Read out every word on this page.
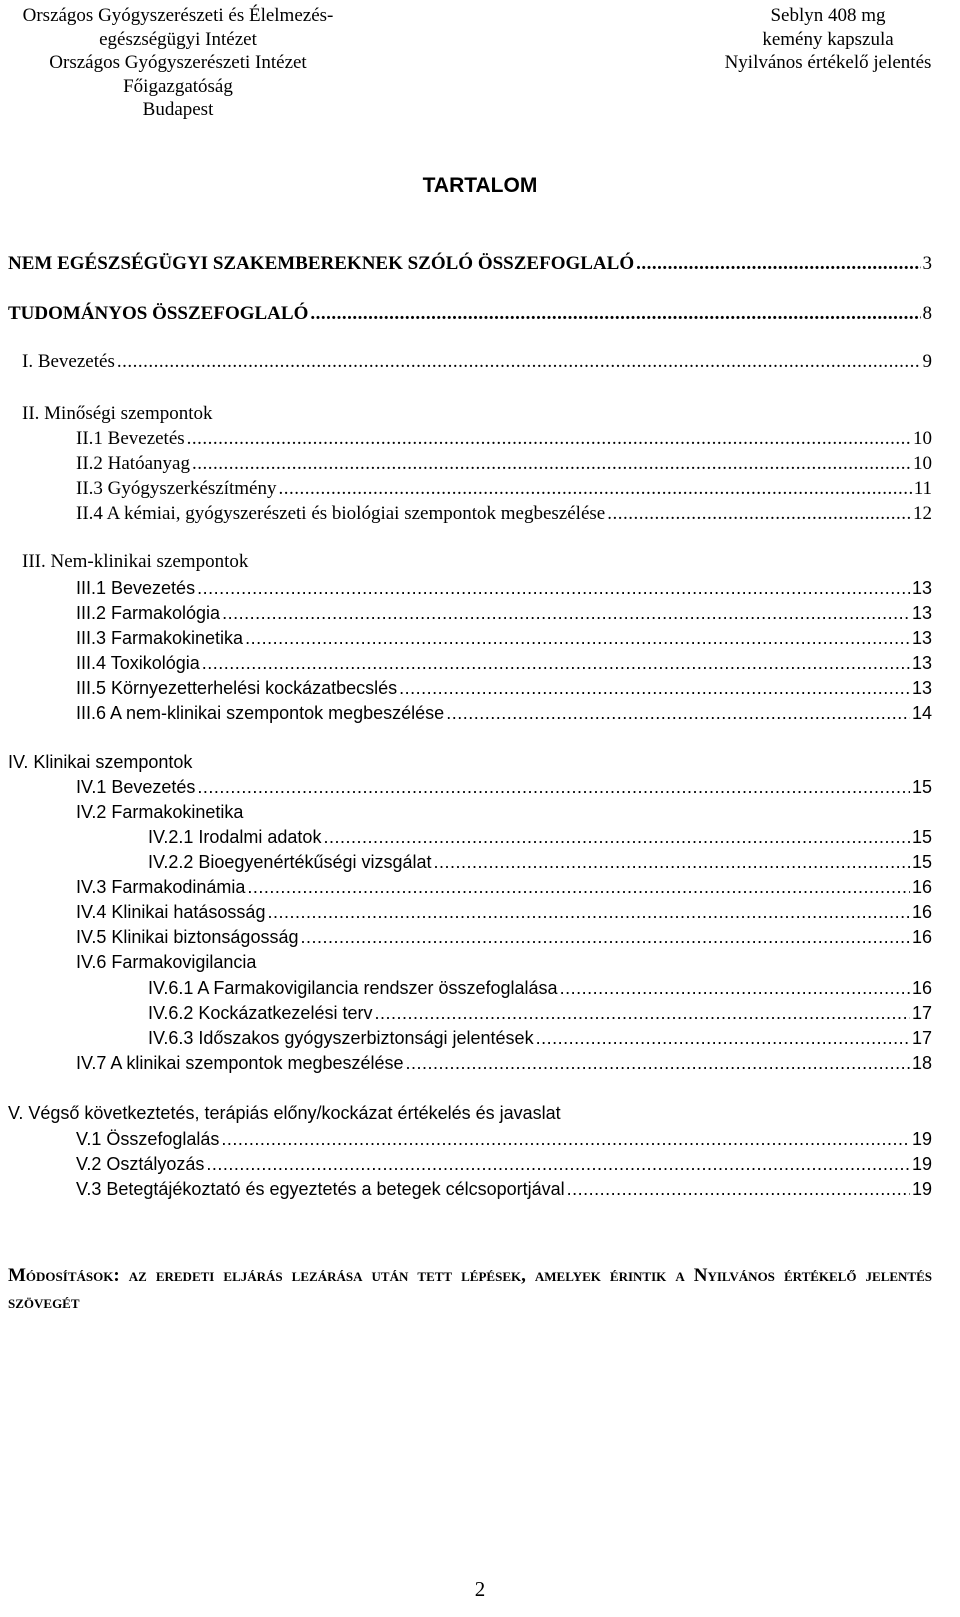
Országos Gyógyszerészeti és Élelmezés-
egészségügyi Intézet
Országos Gyógyszerészeti Intézet
Főigazgatóság
Budapest
Seblyn 408 mg
kemény kapszula
Nyilvános értékelő jelentés
TARTALOM
NEM EGÉSZSÉGÜGYI SZAKEMBEREKNEK SZÓLÓ ÖSSZEFOGLALÓ .....	3
TUDOMÁNYOS ÖSSZEFOGLALÓ .....	8
I. Bevezetés .....	9
II. Minőségi szempontok
II.1 Bevezetés .....	10
II.2 Hatóanyag .....	10
II.3 Gyógyszerkészítmény .....	11
II.4 A kémiai, gyógyszerészeti és biológiai szempontok megbeszélése .....	12
III. Nem-klinikai szempontok
III.1 Bevezetés .....	13
III.2 Farmakológia .....	13
III.3 Farmakokinetika .....	13
III.4 Toxikológia .....	13
III.5 Környezetterhelési kockázatbecslés .....	13
III.6 A nem-klinikai szempontok megbeszélése .....	14
IV. Klinikai szempontok
IV.1 Bevezetés .....	15
IV.2 Farmakokinetika
IV.2.1 Irodalmi adatok .....	15
IV.2.2 Bioegyenértékűségi vizsgálat .....	15
IV.3 Farmakodinámia .....	16
IV.4 Klinikai hatásosság .....	16
IV.5 Klinikai biztonságosság .....	16
IV.6 Farmakovigilancia
IV.6.1 A Farmakovigilancia rendszer összefoglalása .....	16
IV.6.2 Kockázatkezelési terv .....	17
IV.6.3 Időszakos gyógyszerbiztonsági jelentések .....	17
IV.7 A klinikai szempontok megbeszélése .....	18
V. Végső következtetés, terápiás előny/kockázat értékelés és javaslat
V.1 Összefoglalás .....	19
V.2 Osztályozás .....	19
V.3 Betegtájékoztató és egyeztetés a betegek célcsoportjával .....	19
Módosítások: az eredeti eljárás lezárása után tett lépések, amelyek érintik a Nyilvános értékelő jelentés szövegét
2
